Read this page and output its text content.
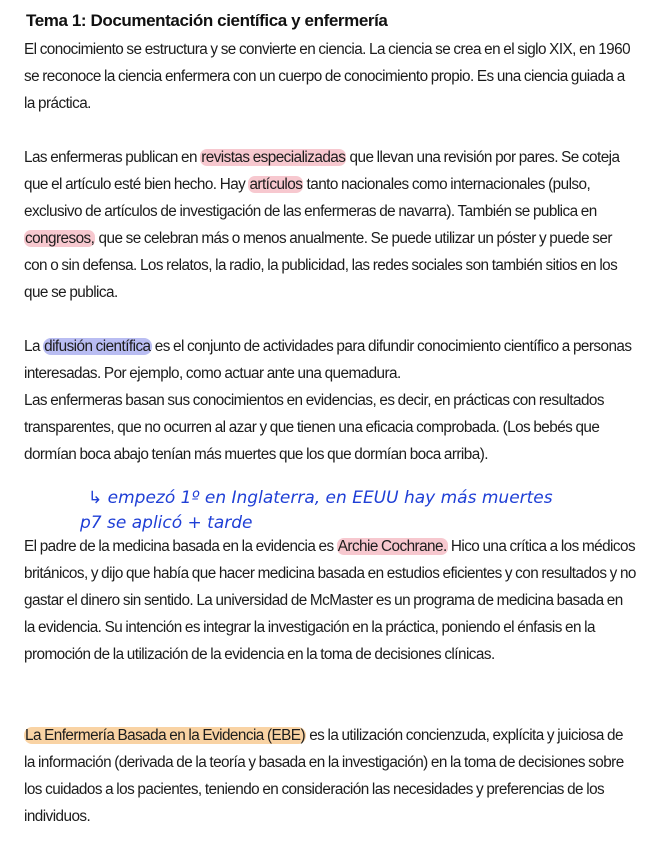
Tema 1: Documentación científica y enfermería

El conocimiento se estructura y se convierte en ciencia. La ciencia se crea en el siglo XIX, en 1960 se reconoce la ciencia enfermera con un cuerpo de conocimiento propio. Es una ciencia guiada a la práctica.

Las enfermeras publican en revistas especializadas que llevan una revisión por pares. Se coteja que el artículo esté bien hecho. Hay artículos tanto nacionales como internacionales (pulso, exclusivo de artículos de investigación de las enfermeras de navarra). También se publica en congresos, que se celebran más o menos anualmente. Se puede utilizar un póster y puede ser con o sin defensa. Los relatos, la radio, la publicidad, las redes sociales son también sitios en los que se publica.

La difusión científica es el conjunto de actividades para difundir conocimiento científico a personas interesadas. Por ejemplo, como actuar ante una quemadura.
Las enfermeras basan sus conocimientos en evidencias, es decir, en prácticas con resultados transparentes, que no ocurren al azar y que tienen una eficacia comprobada. (Los bebés que dormían boca abajo tenían más muertes que los que dormían boca arriba).

↳ empezó 1º en Inglaterra, en EEUU hay más muertes
p7 se aplicó + tarde

El padre de la medicina basada en la evidencia es Archie Cochrane. Hico una crítica a los médicos británicos, y dijo que había que hacer medicina basada en estudios eficientes y con resultados y no gastar el dinero sin sentido. La universidad de McMaster es un programa de medicina basada en la evidencia. Su intención es integrar la investigación en la práctica, poniendo el énfasis en la promoción de la utilización de la evidencia en la toma de decisiones clínicas.

La Enfermería Basada en la Evidencia (EBE) es la utilización concienzuda, explícita y juiciosa de la información (derivada de la teoría y basada en la investigación) en la toma de decisiones sobre los cuidados a los pacientes, teniendo en consideración las necesidades y preferencias de los individuos.
